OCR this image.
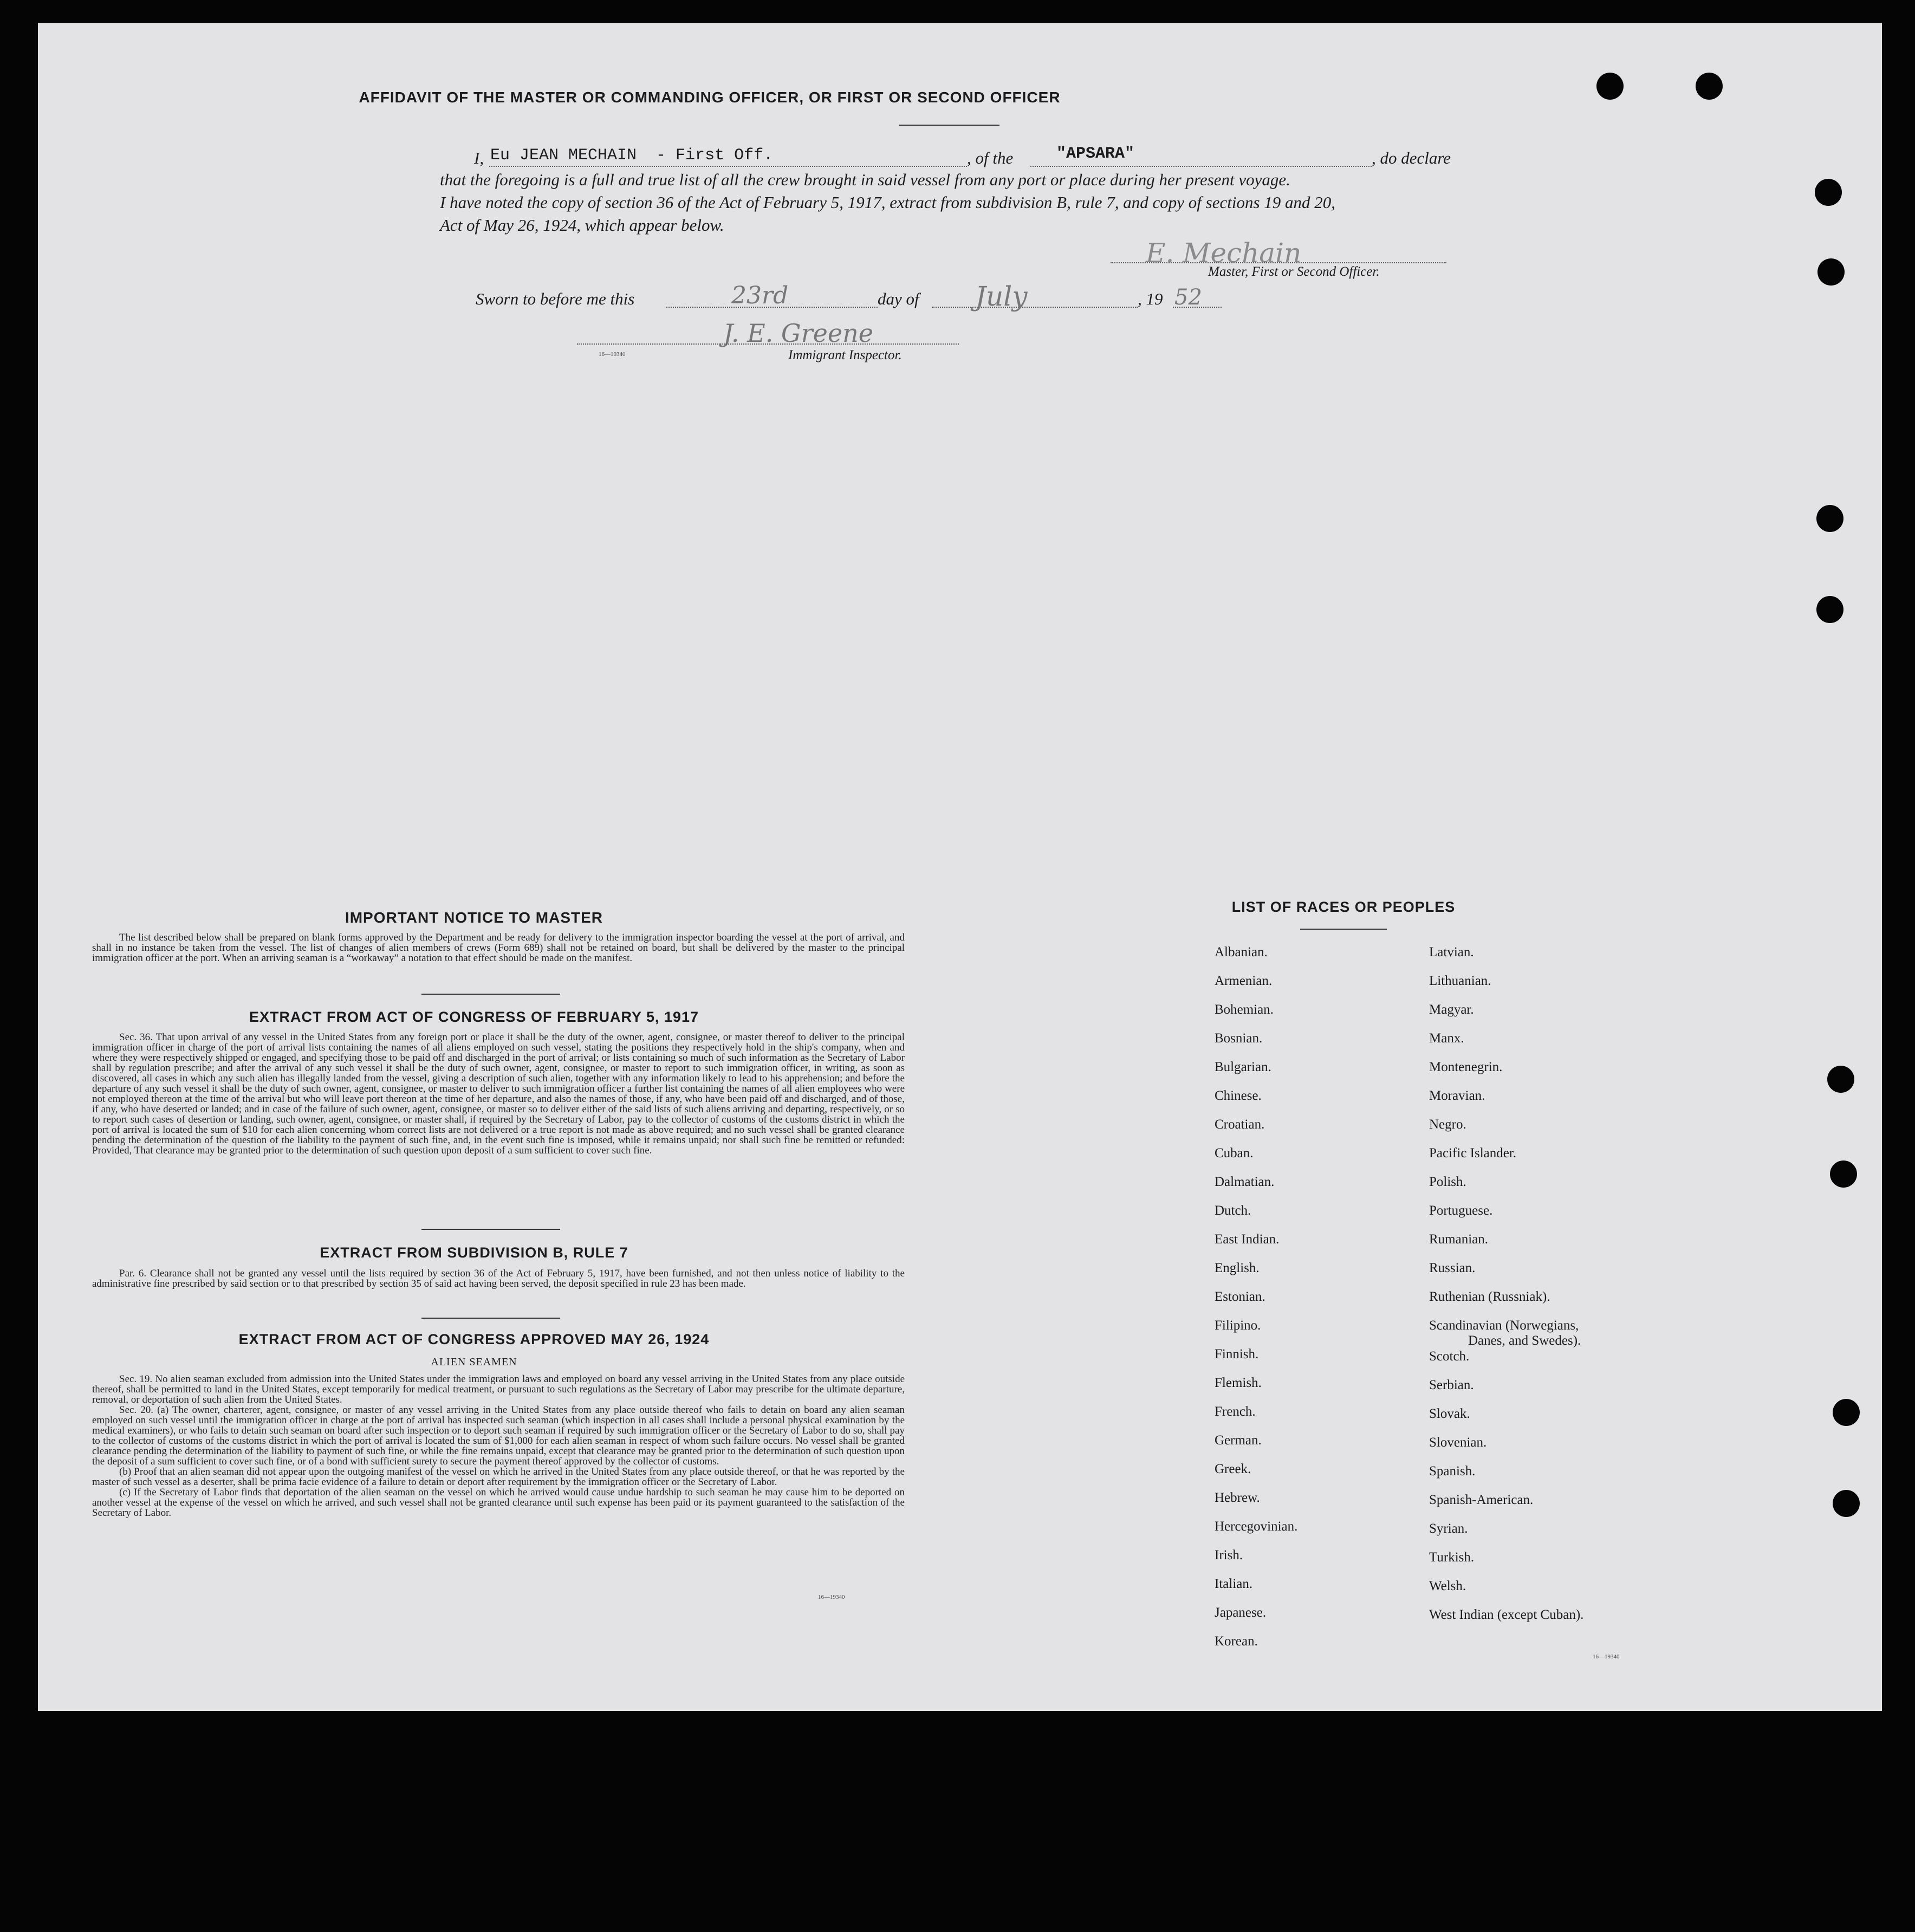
AFFIDAVIT OF THE MASTER OR COMMANDING OFFICER, OR FIRST OR SECOND OFFICER
I, Eu JEAN MECHAIN  - First Off.	, of the	"APSARA"	, do declare
that the foregoing is a full and true list of all the crew brought in said vessel from any port or place during her present voyage.
I have noted the copy of section 36 of the Act of February 5, 1917, extract from subdivision B, rule 7, and copy of sections 19 and 20,
Act of May 26, 1924, which appear below.
E. Mechain
Master, First or Second Officer.
Sworn to before me this	23rd	day of July	, 19 52
J. E. Greene
16—19340	Immigrant Inspector.
IMPORTANT NOTICE TO MASTER

The list described below shall be prepared on blank forms approved by the Department and be ready for delivery to the immigration inspector boarding the vessel at the port of arrival, and shall in no instance be taken from the vessel. The list of changes of alien members of crews (Form 689) shall not be retained on board, but shall be delivered by the master to the principal immigration officer at the port. When an arriving seaman is a “workaway” a notation to that effect should be made on the manifest.

EXTRACT FROM ACT OF CONGRESS OF FEBRUARY 5, 1917

Sec. 36. That upon arrival of any vessel in the United States from any foreign port or place it shall be the duty of the owner, agent, consignee, or master thereof to deliver to the principal immigration officer in charge of the port of arrival lists containing the names of all aliens employed on such vessel, stating the positions they respectively hold in the ship's company, when and where they were respectively shipped or engaged, and specifying those to be paid off and discharged in the port of arrival; or lists containing so much of such information as the Secretary of Labor shall by regulation prescribe; and after the arrival of any such vessel it shall be the duty of such owner, agent, consignee, or master to report to such immigration officer, in writing, as soon as discovered, all cases in which any such alien has illegally landed from the vessel, giving a description of such alien, together with any information likely to lead to his apprehension; and before the departure of any such vessel it shall be the duty of such owner, agent, consignee, or master to deliver to such immigration officer a further list containing the names of all alien employees who were not employed thereon at the time of the arrival but who will leave port thereon at the time of her departure, and also the names of those, if any, who have been paid off and discharged, and of those, if any, who have deserted or landed; and in case of the failure of such owner, agent, consignee, or master so to deliver either of the said lists of such aliens arriving and departing, respectively, or so to report such cases of desertion or landing, such owner, agent, consignee, or master shall, if required by the Secretary of Labor, pay to the collector of customs of the customs district in which the port of arrival is located the sum of $10 for each alien concerning whom correct lists are not delivered or a true report is not made as above required; and no such vessel shall be granted clearance pending the determination of the question of the liability to the payment of such fine, and, in the event such fine is imposed, while it remains unpaid; nor shall such fine be remitted or refunded: Provided, That clearance may be granted prior to the determination of such question upon deposit of a sum sufficient to cover such fine.

EXTRACT FROM SUBDIVISION B, RULE 7

Par. 6. Clearance shall not be granted any vessel until the lists required by section 36 of the Act of February 5, 1917, have been furnished, and not then unless notice of liability to the administrative fine prescribed by said section or to that prescribed by section 35 of said act having been served, the deposit specified in rule 23 has been made.

EXTRACT FROM ACT OF CONGRESS APPROVED MAY 26, 1924
ALIEN SEAMEN

Sec. 19. No alien seaman excluded from admission into the United States under the immigration laws and employed on board any vessel arriving in the United States from any place outside thereof, shall be permitted to land in the United States, except temporarily for medical treatment, or pursuant to such regulations as the Secretary of Labor may prescribe for the ultimate departure, removal, or deportation of such alien from the United States.

Sec. 20. (a) The owner, charterer, agent, consignee, or master of any vessel arriving in the United States from any place outside thereof who fails to detain on board any alien seaman employed on such vessel until the immigration officer in charge at the port of arrival has inspected such seaman (which inspection in all cases shall include a personal physical examination by the medical examiners), or who fails to detain such seaman on board after such inspection or to deport such seaman if required by such immigration officer or the Secretary of Labor to do so, shall pay to the collector of customs of the customs district in which the port of arrival is located the sum of $1,000 for each alien seaman in respect of whom such failure occurs. No vessel shall be granted clearance pending the determination of the liability to payment of such fine, or while the fine remains unpaid, except that clearance may be granted prior to the determination of such question upon the deposit of a sum sufficient to cover such fine, or of a bond with sufficient surety to secure the payment thereof approved by the collector of customs.

(b) Proof that an alien seaman did not appear upon the outgoing manifest of the vessel on which he arrived in the United States from any place outside thereof, or that he was reported by the master of such vessel as a deserter, shall be prima facie evidence of a failure to detain or deport after requirement by the immigration officer or the Secretary of Labor.

(c) If the Secretary of Labor finds that deportation of the alien seaman on the vessel on which he arrived would cause undue hardship to such seaman he may cause him to be deported on another vessel at the expense of the vessel on which he arrived, and such vessel shall not be granted clearance until such expense has been paid or its payment guaranteed to the satisfaction of the Secretary of Labor.

16—19340
LIST OF RACES OR PEOPLES
16—19340
Albanian.
Armenian.
Bohemian.
Bosnian.
Bulgarian.
Chinese.
Croatian.
Cuban.
Dalmatian.
Dutch.
East Indian.
English.
Estonian.
Filipino.
Finnish.
Flemish.
French.
German.
Greek.
Hebrew.
Hercegovinian.
Irish.
Italian.
Japanese.
Korean.
Latvian.
Lithuanian.
Magyar.
Manx.
Montenegrin.
Moravian.
Negro.
Pacific Islander.
Polish.
Portuguese.
Rumanian.
Russian.
Ruthenian (Russniak).
Scandinavian (Norwegians,
Danes, and Swedes).
Scotch.
Serbian.
Slovak.
Slovenian.
Spanish.
Spanish-American.
Syrian.
Turkish.
Welsh.
West Indian (except Cuban).
